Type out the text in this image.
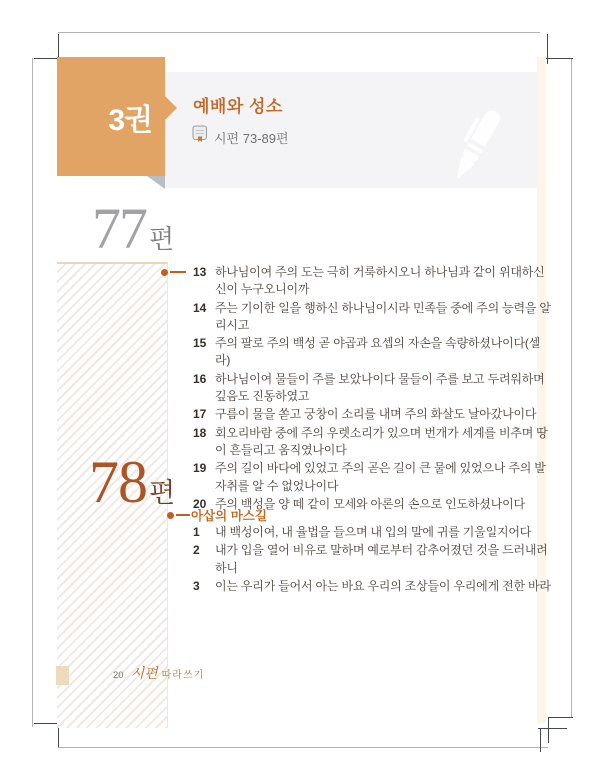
3권 예배와 성소
시편 73-89편
77 편
13 하나님이여 주의 도는 극히 거룩하시오니 하나님과 같이 위대하신 신이 누구오니이까
14 주는 기이한 일을 행하신 하나님이시라 민족들 중에 주의 능력을 알리시고
15 주의 팔로 주의 백성 곧 야곱과 요셉의 자손을 속량하셨나이다(셀라)
16 하나님이여 물들이 주를 보았나이다 물들이 주를 보고 두려워하며 깊음도 진동하였고
17 구름이 물을 쏟고 궁창이 소리를 내며 주의 화살도 날아갔나이다
18 회오리바람 중에 주의 우렛소리가 있으며 번개가 세계를 비추며 땅이 흔들리고 움직였나이다
19 주의 길이 바다에 있었고 주의 곧은 길이 큰 물에 있었으나 주의 발자취를 알 수 없었나이다
20 주의 백성을 양 떼 같이 모세와 아론의 손으로 인도하셨나이다
78 편
아삽의 마스길
1	내 백성이여, 내 율법을 들으며 내 입의 말에 귀를 기울일지어다
2	내가 입을 열어 비유로 말하며 예로부터 감추어졌던 것을 드러내려 하니
3	이는 우리가 들어서 아는 바요 우리의 조상들이 우리에게 전한 바라
20 시편 따라쓰기
